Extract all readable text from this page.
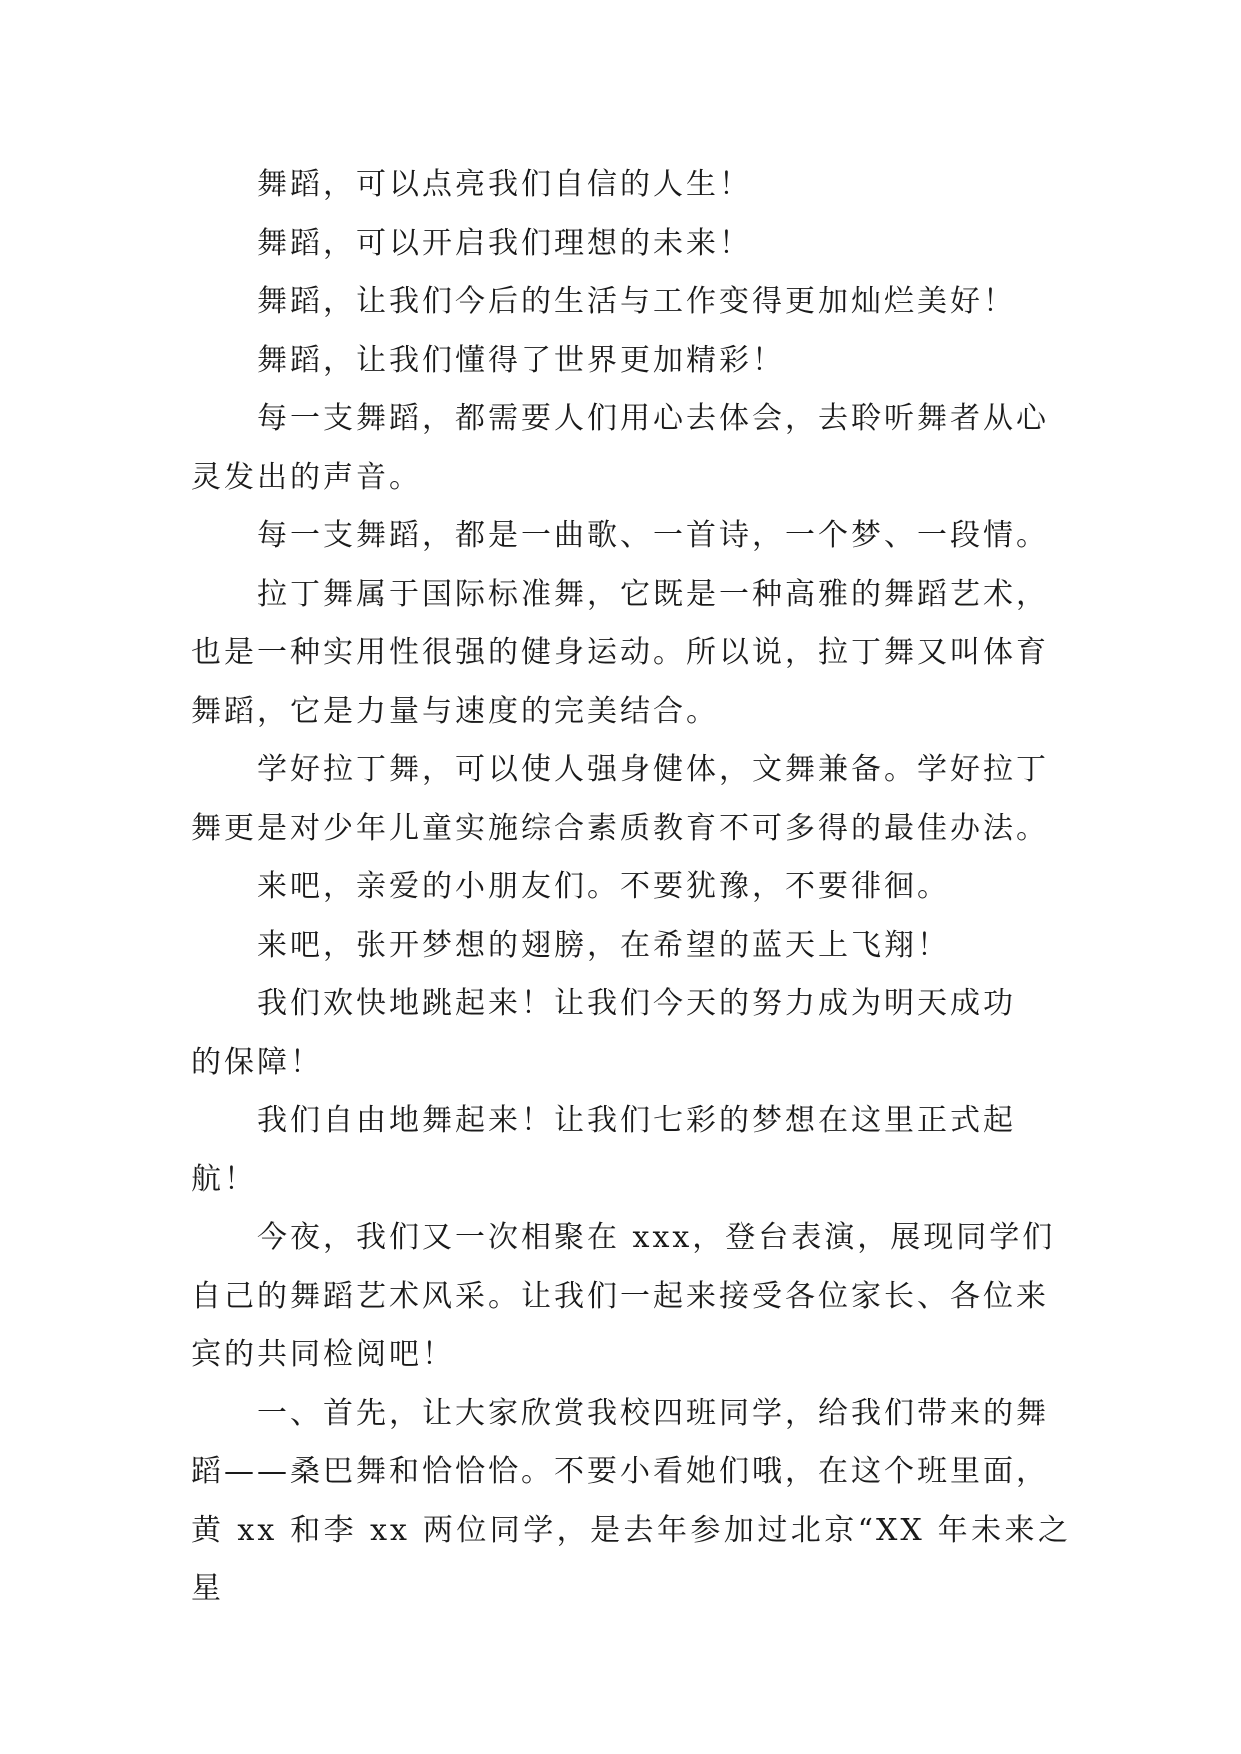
舞蹈，可以点亮我们自信的人生！

舞蹈，可以开启我们理想的未来！

舞蹈，让我们今后的生活与工作变得更加灿烂美好！

舞蹈，让我们懂得了世界更加精彩！

每一支舞蹈，都需要人们用心去体会，去聆听舞者从心
灵发出的声音。

每一支舞蹈，都是一曲歌、一首诗，一个梦、一段情。

拉丁舞属于国际标准舞，它既是一种高雅的舞蹈艺术，
也是一种实用性很强的健身运动。所以说，拉丁舞又叫体育
舞蹈，它是力量与速度的完美结合。

学好拉丁舞，可以使人强身健体，文舞兼备。学好拉丁
舞更是对少年儿童实施综合素质教育不可多得的最佳办法。

来吧，亲爱的小朋友们。不要犹豫，不要徘徊。

来吧，张开梦想的翅膀，在希望的蓝天上飞翔！

我们欢快地跳起来！让我们今天的努力成为明天成功
的保障！

我们自由地舞起来！让我们七彩的梦想在这里正式起
航！

今夜，我们又一次相聚在 xxx，登台表演，展现同学们
自己的舞蹈艺术风采。让我们一起来接受各位家长、各位来
宾的共同检阅吧！

一、首先，让大家欣赏我校四班同学，给我们带来的舞
蹈——桑巴舞和恰恰恰。不要小看她们哦，在这个班里面，
黄 xx 和李 xx 两位同学，是去年参加过北京“XX 年未来之星
